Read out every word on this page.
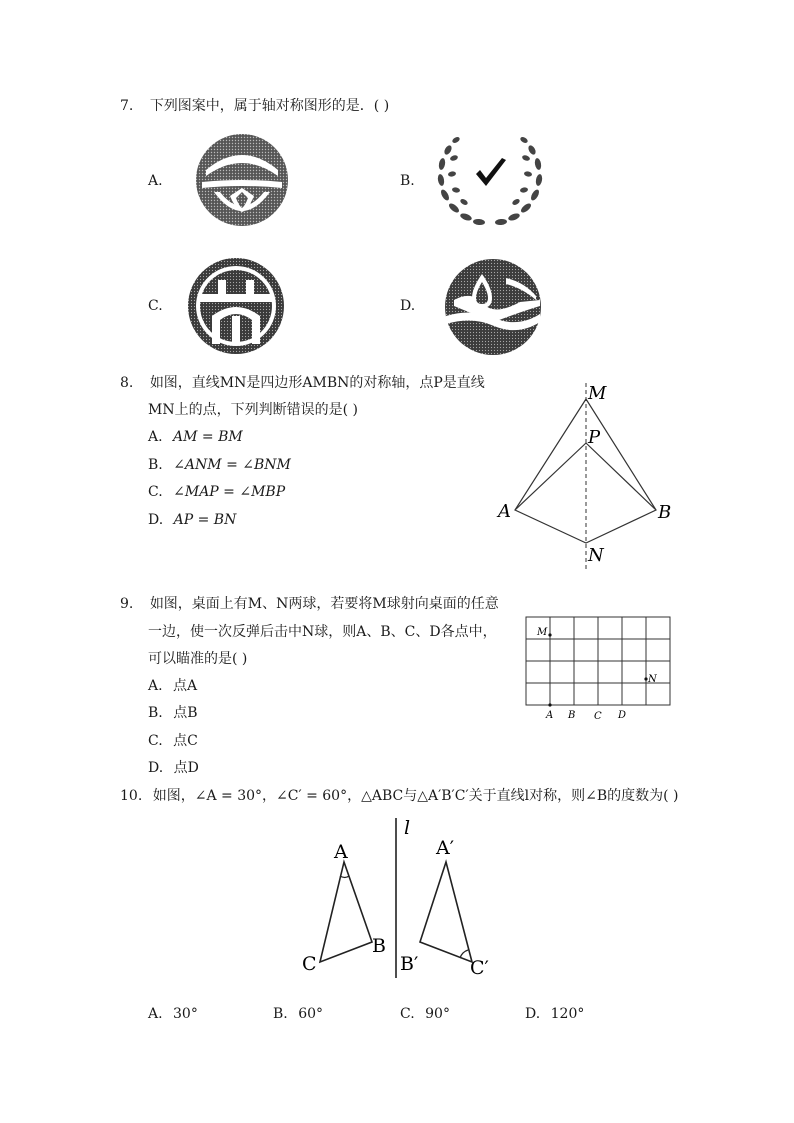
7. 下列图案中，属于轴对称图形的是．( )
A.	B.
C.	D.
8. 如图，直线MN是四边形AMBN的对称轴，点P是直线
MN上的点，下列判断错误的是( )
A. AM = BM
B. ∠ANM = ∠BNM
C. ∠MAP = ∠MBP
D. AP = BN
M
P
A	B
N
9. 如图，桌面上有M、N两球，若要将M球射向桌面的任意
一边，使一次反弹后击中N球，则A、B、C、D各点中，
可以瞄准的是( )
A. 点A
B. 点B
C. 点C
D. 点D
M
N
A B C D
10. 如图，∠A = 30°，∠C′ = 60°，△ABC与△A′B′C′关于直线l对称，则∠B的度数为( )
l
A
B
C
A′
B′	C′
A. 30°	B. 60°	C. 90°	D. 120°
